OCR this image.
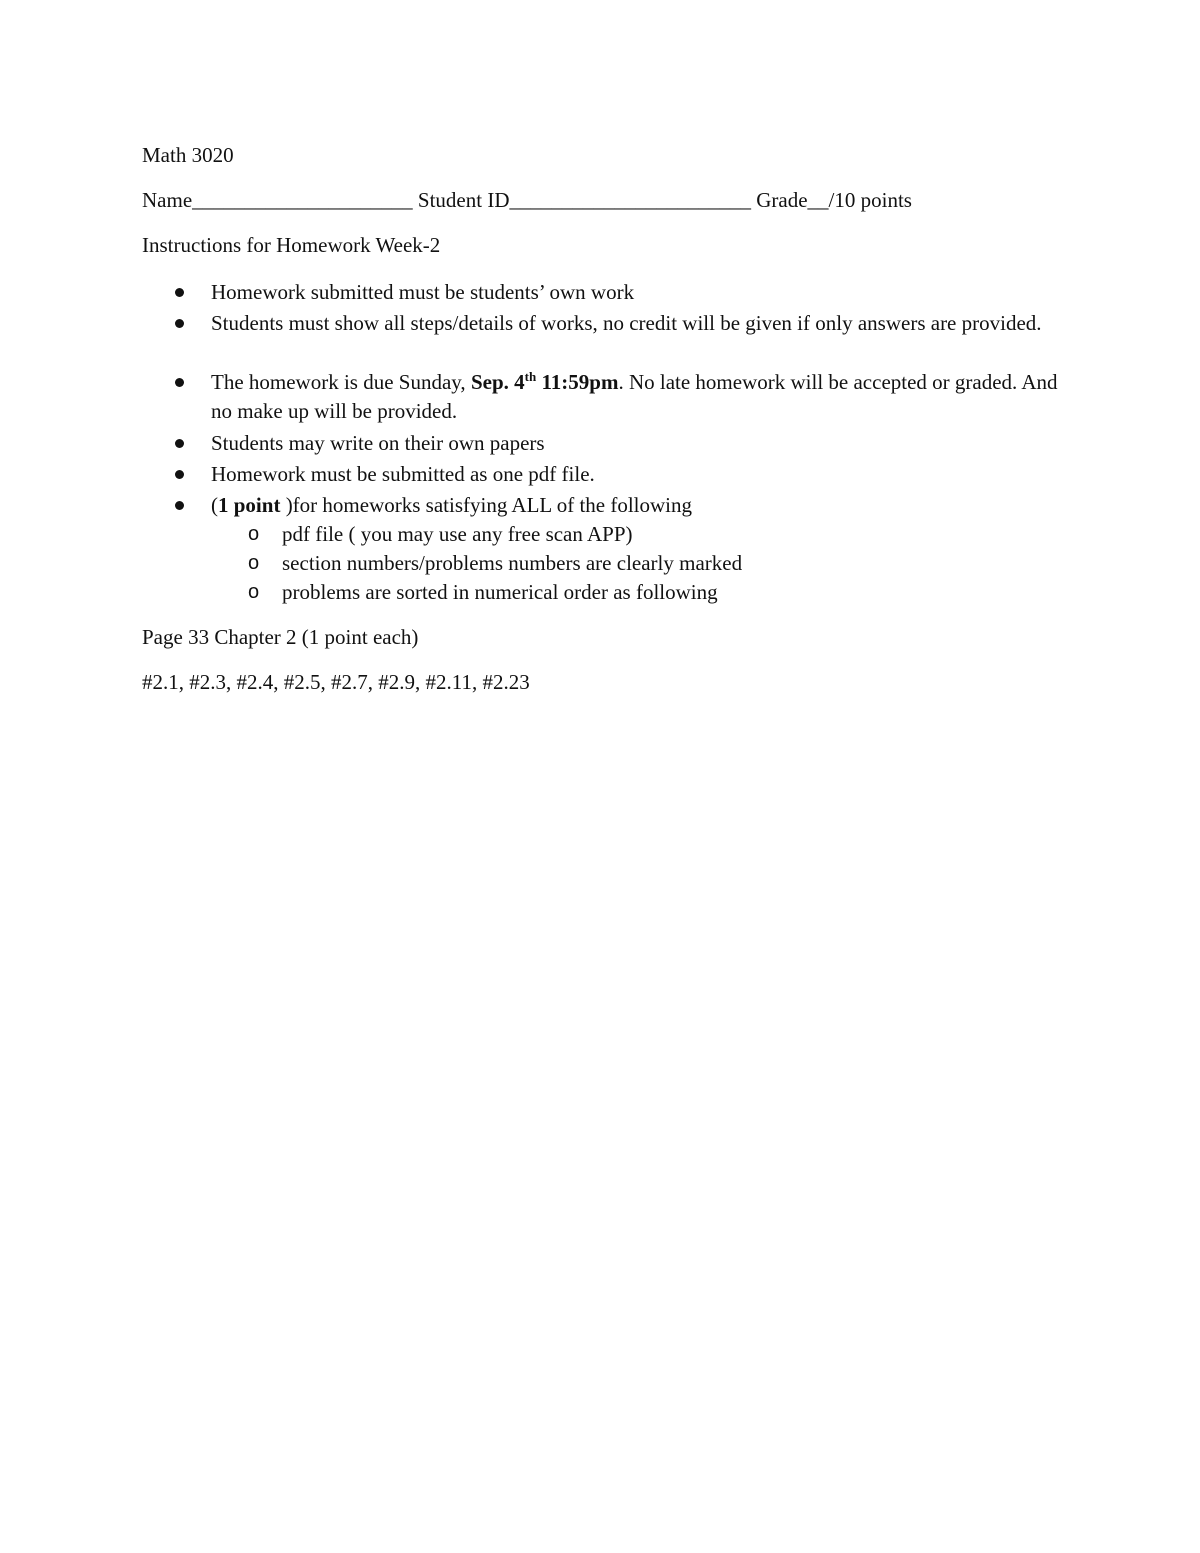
Math 3020
Name_____________________ Student ID_______________________ Grade__/10 points
Instructions for Homework Week-2
Homework submitted must be students’ own work
Students must show all steps/details of works, no credit will be given if only answers are provided.
The homework is due Sunday, Sep. 4th 11:59pm. No late homework will be accepted or graded. And no make up will be provided.
Students may write on their own papers
Homework must be submitted as one pdf file.
(1 point )for homeworks satisfying ALL of the following
o pdf file ( you may use any free scan APP)
o section numbers/problems numbers are clearly marked
o problems are sorted in numerical order as following
Page 33 Chapter 2 (1 point each)
#2.1, #2.3, #2.4, #2.5, #2.7, #2.9, #2.11, #2.23
